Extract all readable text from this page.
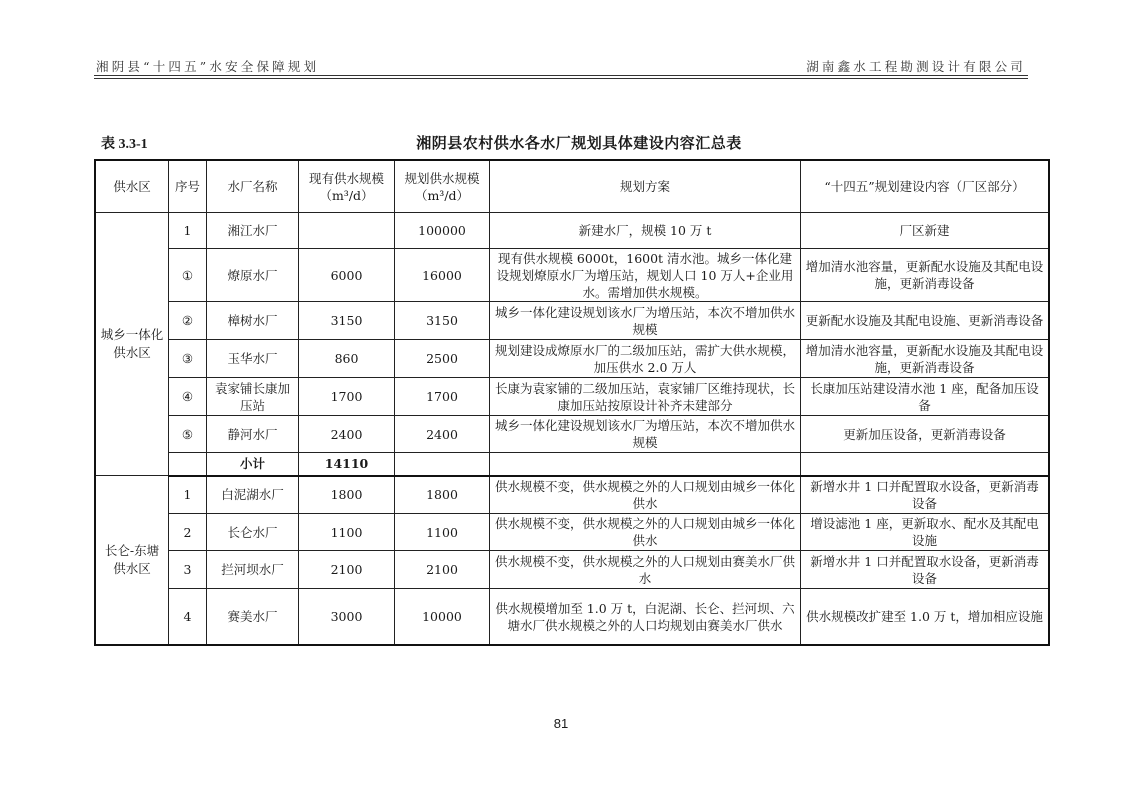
湘阴县“十四五”水安全保障规划	湖南鑫水工程勘测设计有限公司
表 3.3-1	湘阴县农村供水各水厂规划具体建设内容汇总表
供水区	序号	水厂名称	现有供水规模（m³/d）	规划供水规模（m³/d）	规划方案	“十四五”规划建设内容（厂区部分）
城乡一体化供水区	1	湘江水厂		100000	新建水厂，规模 10 万 t	厂区新建
	①	燎原水厂	6000	16000	现有供水规模 6000t，1600t 清水池。城乡一体化建设规划燎原水厂为增压站，规划人口 10 万人+企业用水。需增加供水规模。	增加清水池容量，更新配水设施及其配电设施，更新消毒设备
	②	樟树水厂	3150	3150	城乡一体化建设规划该水厂为增压站，本次不增加供水规模	更新配水设施及其配电设施、更新消毒设备
	③	玉华水厂	860	2500	规划建设成燎原水厂的二级加压站，需扩大供水规模，加压供水 2.0 万人	增加清水池容量，更新配水设施及其配电设施，更新消毒设备
	④	袁家铺长康加压站	1700	1700	长康为袁家铺的二级加压站，袁家铺厂区维持现状，长康加压站按原设计补齐未建部分	长康加压站建设清水池 1 座，配备加压设备
	⑤	静河水厂	2400	2400	城乡一体化建设规划该水厂为增压站，本次不增加供水规模	更新加压设备，更新消毒设备
		小计	14110			
长仑-东塘供水区	1	白泥湖水厂	1800	1800	供水规模不变，供水规模之外的人口规划由城乡一体化供水	新增水井 1 口并配置取水设备，更新消毒设备
	2	长仑水厂	1100	1100	供水规模不变，供水规模之外的人口规划由城乡一体化供水	增设滤池 1 座，更新取水、配水及其配电设施
	3	拦河坝水厂	2100	2100	供水规模不变，供水规模之外的人口规划由赛美水厂供水	新增水井 1 口并配置取水设备，更新消毒设备
	4	赛美水厂	3000	10000	供水规模增加至 1.0 万 t，白泥湖、长仑、拦河坝、六塘水厂供水规模之外的人口均规划由赛美水厂供水	供水规模改扩建至 1.0 万 t，增加相应设施
81
